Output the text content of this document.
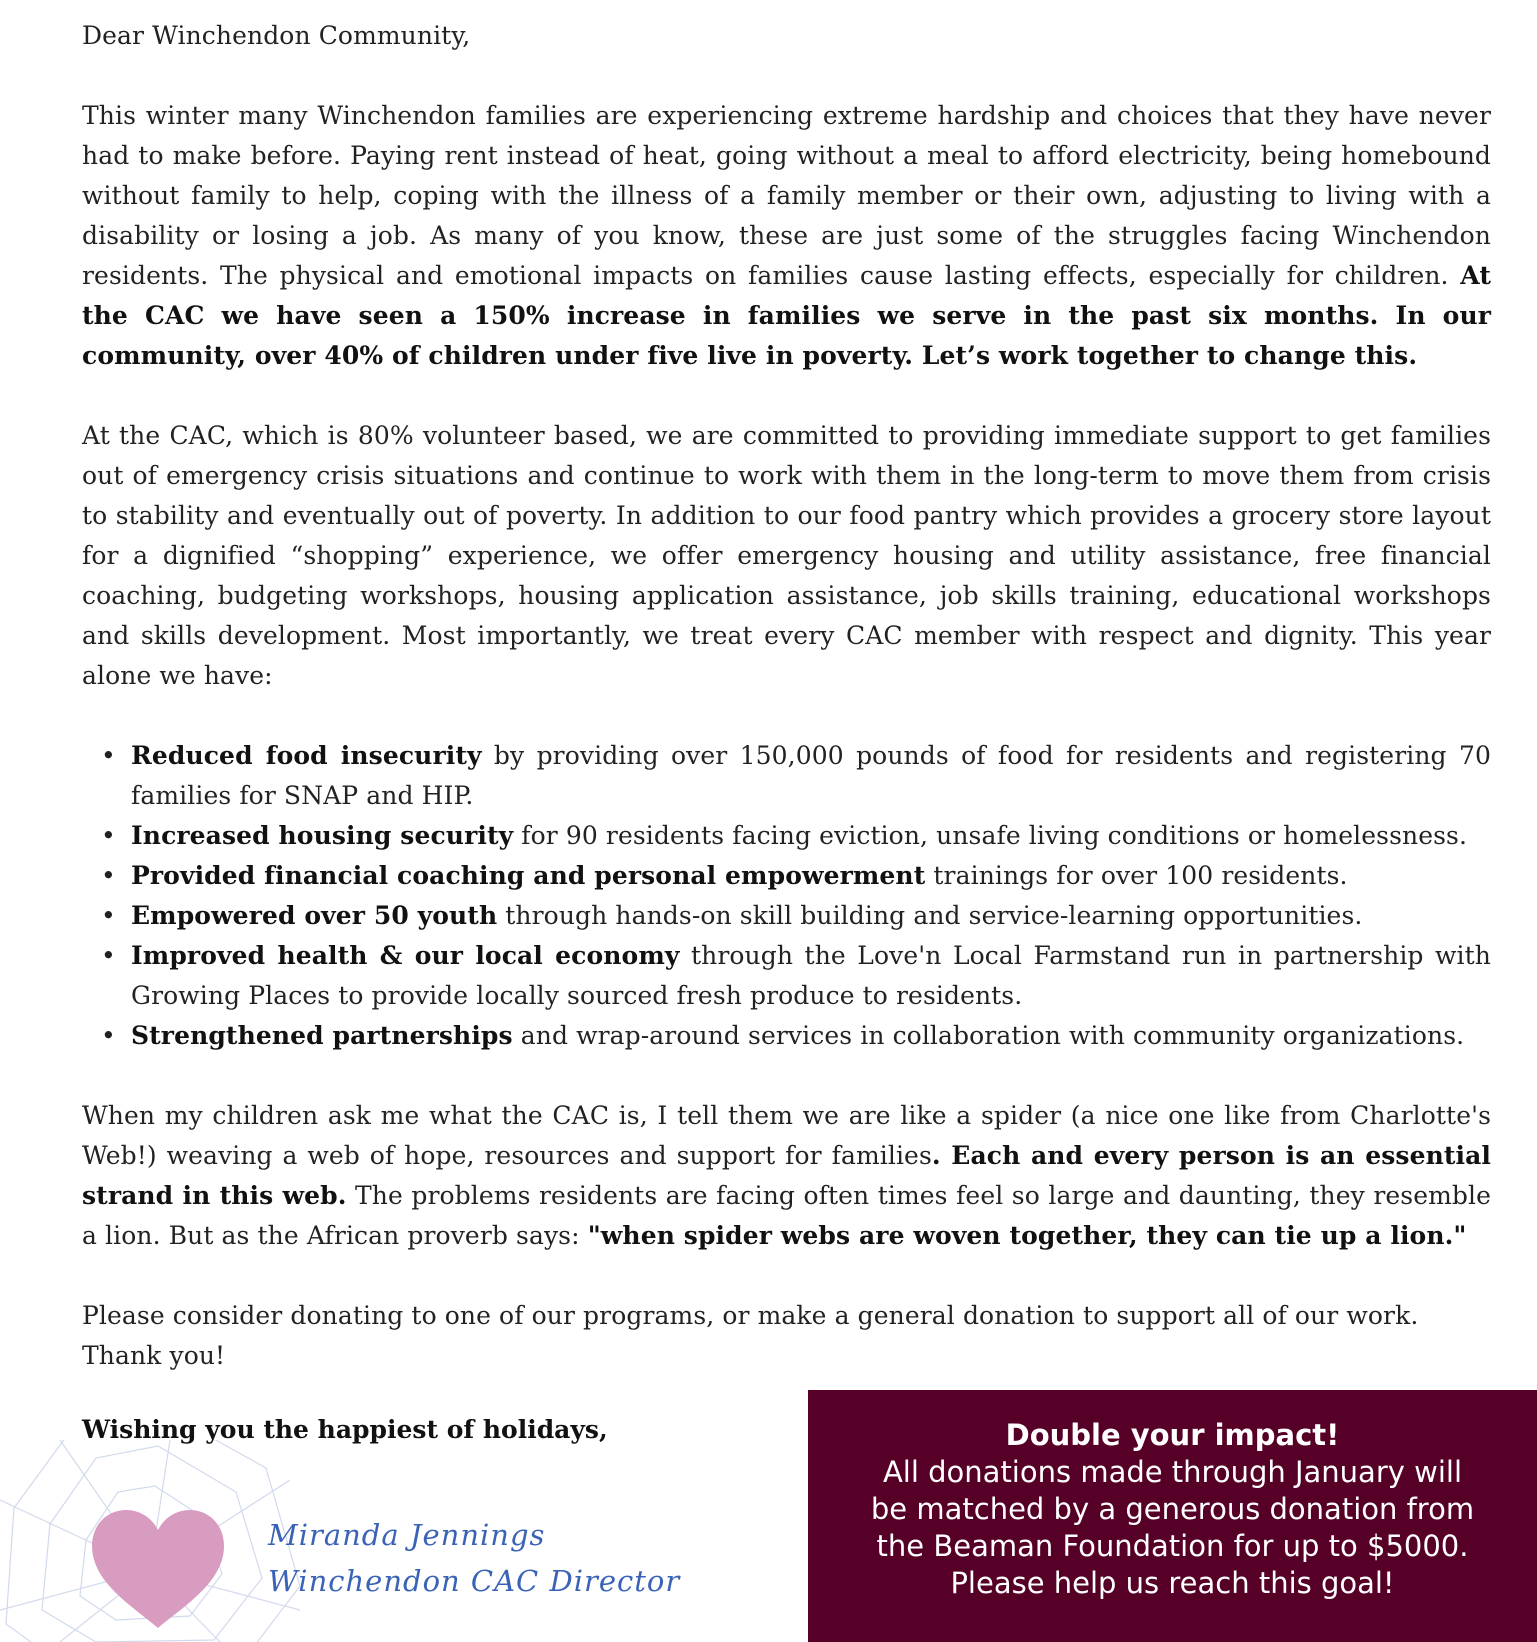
Dear Winchendon Community,

This winter many Winchendon families are experiencing extreme hardship and choices that they have never had to make before. Paying rent instead of heat, going without a meal to afford electricity, being homebound without family to help, coping with the illness of a family member or their own, adjusting to living with a disability or losing a job. As many of you know, these are just some of the struggles facing Winchendon residents. The physical and emotional impacts on families cause lasting effects, especially for children. At the CAC we have seen a 150% increase in families we serve in the past six months. In our community, over 40% of children under five live in poverty. Let’s work together to change this.

At the CAC, which is 80% volunteer based, we are committed to providing immediate support to get families out of emergency crisis situations and continue to work with them in the long-term to move them from crisis to stability and eventually out of poverty. In addition to our food pantry which provides a grocery store layout for a dignified “shopping” experience, we offer emergency housing and utility assistance, free financial coaching, budgeting workshops, housing application assistance, job skills training, educational workshops and skills development. Most importantly, we treat every CAC member with respect and dignity. This year alone we have:

• Reduced food insecurity by providing over 150,000 pounds of food for residents and registering 70 families for SNAP and HIP.
• Increased housing security for 90 residents facing eviction, unsafe living conditions or homelessness.
• Provided financial coaching and personal empowerment trainings for over 100 residents.
• Empowered over 50 youth through hands-on skill building and service-learning opportunities.
• Improved health & our local economy through the Love'n Local Farmstand run in partnership with Growing Places to provide locally sourced fresh produce to residents.
• Strengthened partnerships and wrap-around services in collaboration with community organizations.

When my children ask me what the CAC is, I tell them we are like a spider (a nice one like from Charlotte's Web!) weaving a web of hope, resources and support for families. Each and every person is an essential strand in this web. The problems residents are facing often times feel so large and daunting, they resemble a lion. But as the African proverb says: "when spider webs are woven together, they can tie up a lion."

Please consider donating to one of our programs, or make a general donation to support all of our work.

Thank you!

Wishing you the happiest of holidays,
Miranda Jennings
Winchendon CAC Director
Double your impact!
All donations made through January will
be matched by a generous donation from
the Beaman Foundation for up to $5000.
Please help us reach this goal!
